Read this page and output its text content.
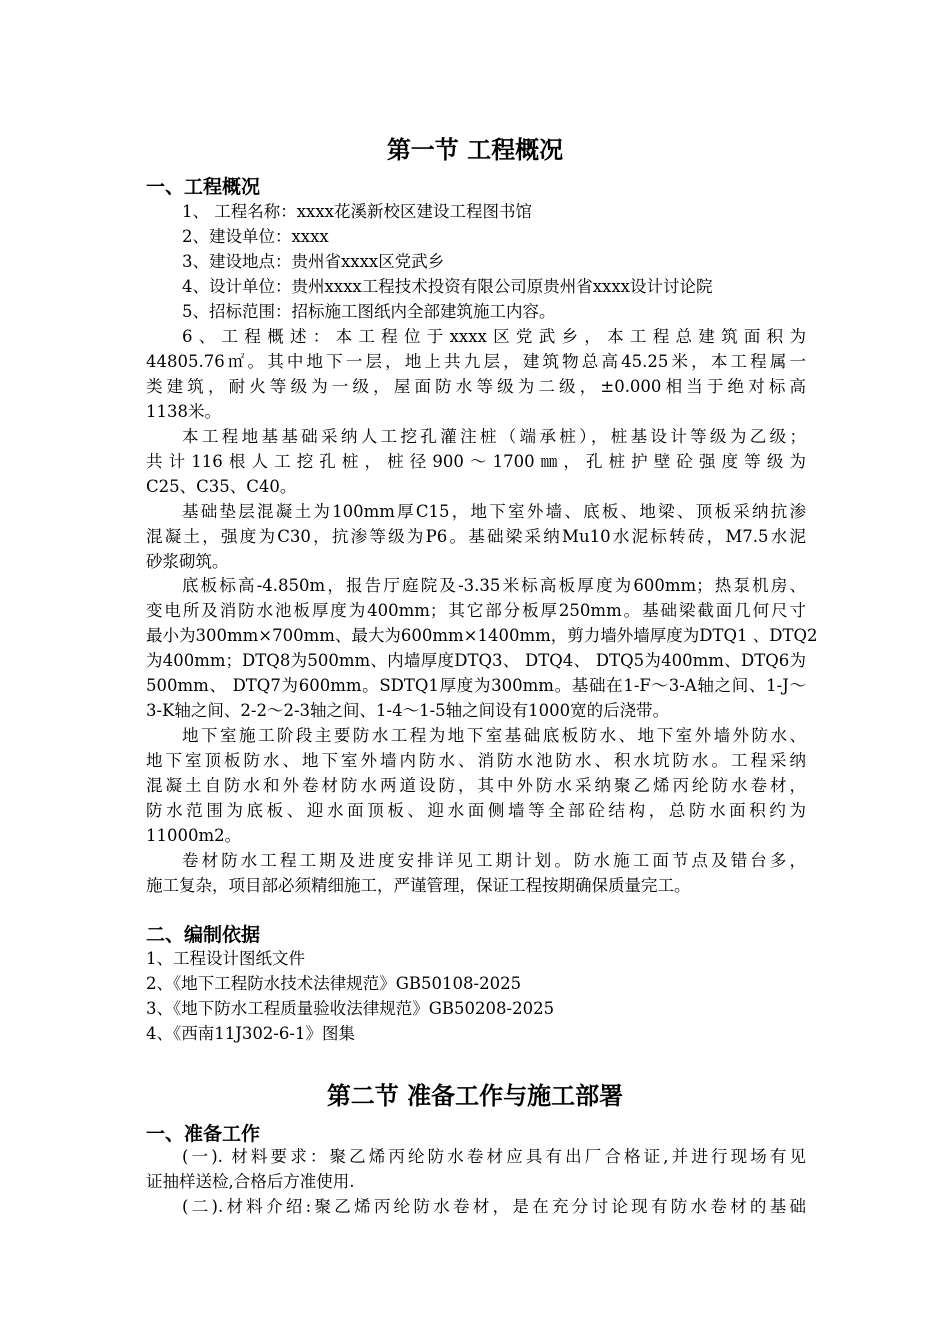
第一节 工程概况
一、工程概况
1、 工程名称：xxxx花溪新校区建设工程图书馆
2、建设单位：xxxx
3、建设地点：贵州省xxxx区党武乡
4、设计单位：贵州xxxx工程技术投资有限公司原贵州省xxxx设计讨论院
5、招标范围：招标施工图纸内全部建筑施工内容。
6、工程概述：本工程位于xxxx区党武乡，本工程总建筑面积为
44805.76㎡。其中地下一层，地上共九层，建筑物总高45.25米，本工程属一
类建筑，耐火等级为一级，屋面防水等级为二级，±0.000相当于绝对标高
1138米。
本工程地基基础采纳人工挖孔灌注桩（端承桩），桩基设计等级为乙级；
共计116根人工挖孔桩，桩径900～1700㎜，孔桩护壁砼强度等级为
C25、C35、C40。
基础垫层混凝土为100mm厚C15，地下室外墙、底板、地梁、顶板采纳抗渗
混凝土，强度为C30，抗渗等级为P6。基础梁采纳Mu10水泥标转砖，M7.5水泥
砂浆砌筑。
底板标高-4.850m，报告厅庭院及-3.35米标高板厚度为600mm；热泵机房、
变电所及消防水池板厚度为400mm；其它部分板厚250mm。基础梁截面几何尺寸
最小为300mm×700mm、最大为600mm×1400mm，剪力墙外墙厚度为DTQ1 、DTQ2
为400mm；DTQ8为500mm、内墙厚度DTQ3、 DTQ4、 DTQ5为400mm、DTQ6为
500mm、 DTQ7为600mm。SDTQ1厚度为300mm。基础在1-F～3-A轴之间、1-J～
3-K轴之间、2-2～2-3轴之间、1-4～1-5轴之间设有1000宽的后浇带。
地下室施工阶段主要防水工程为地下室基础底板防水、地下室外墙外防水、
地下室顶板防水、地下室外墙内防水、消防水池防水、积水坑防水。工程采纳
混凝土自防水和外卷材防水两道设防，其中外防水采纳聚乙烯丙纶防水卷材，
防水范围为底板、迎水面顶板、迎水面侧墙等全部砼结构，总防水面积约为
11000m2。
卷材防水工程工期及进度安排详见工期计划。防水施工面节点及错台多，
施工复杂，项目部必须精细施工，严谨管理，保证工程按期确保质量完工。
二、编制依据
1、工程设计图纸文件
2、《地下工程防水技术法律规范》GB50108-2025
3、《地下防水工程质量验收法律规范》GB50208-2025
4、《西南11J302-6-1》图集
第二节 准备工作与施工部署
一、准备工作
(一). 材料要求：聚乙烯丙纶防水卷材应具有出厂合格证,并进行现场有见
证抽样送检,合格后方准使用.
(二).材料介绍:聚乙烯丙纶防水卷材，是在充分讨论现有防水卷材的基础
